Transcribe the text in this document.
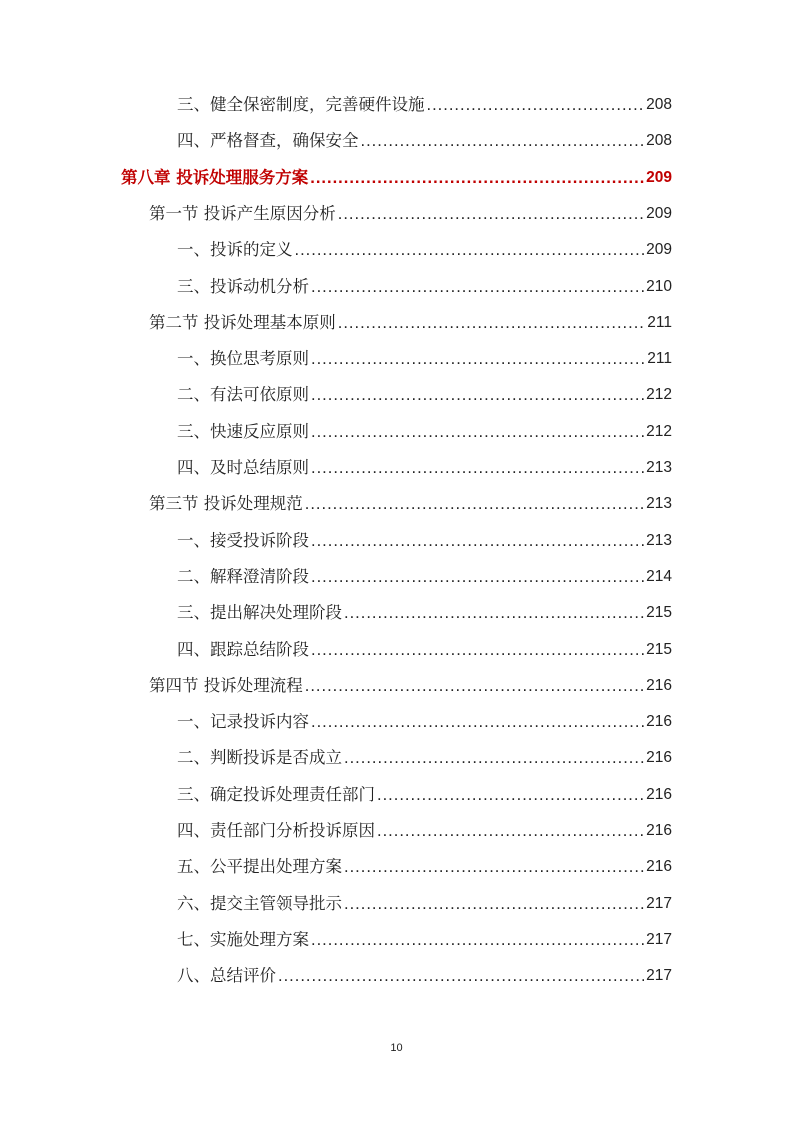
三、健全保密制度，完善硬件设施 .....	208
四、严格督查，确保安全 .....	208
第八章 投诉处理服务方案 .....	209
第一节 投诉产生原因分析 .....	209
一、投诉的定义 .....	209
三、投诉动机分析 .....	210
第二节 投诉处理基本原则 .....	211
一、换位思考原则 .....	211
二、有法可依原则 .....	212
三、快速反应原则 .....	212
四、及时总结原则 .....	213
第三节 投诉处理规范 .....	213
一、接受投诉阶段 .....	213
二、解释澄清阶段 .....	214
三、提出解决处理阶段 .....	215
四、跟踪总结阶段 .....	215
第四节 投诉处理流程 .....	216
一、记录投诉内容 .....	216
二、判断投诉是否成立 .....	216
三、确定投诉处理责任部门 .....	216
四、责任部门分析投诉原因 .....	216
五、公平提出处理方案 .....	216
六、提交主管领导批示 .....	217
七、实施处理方案 .....	217
八、总结评价 .....	217
10
